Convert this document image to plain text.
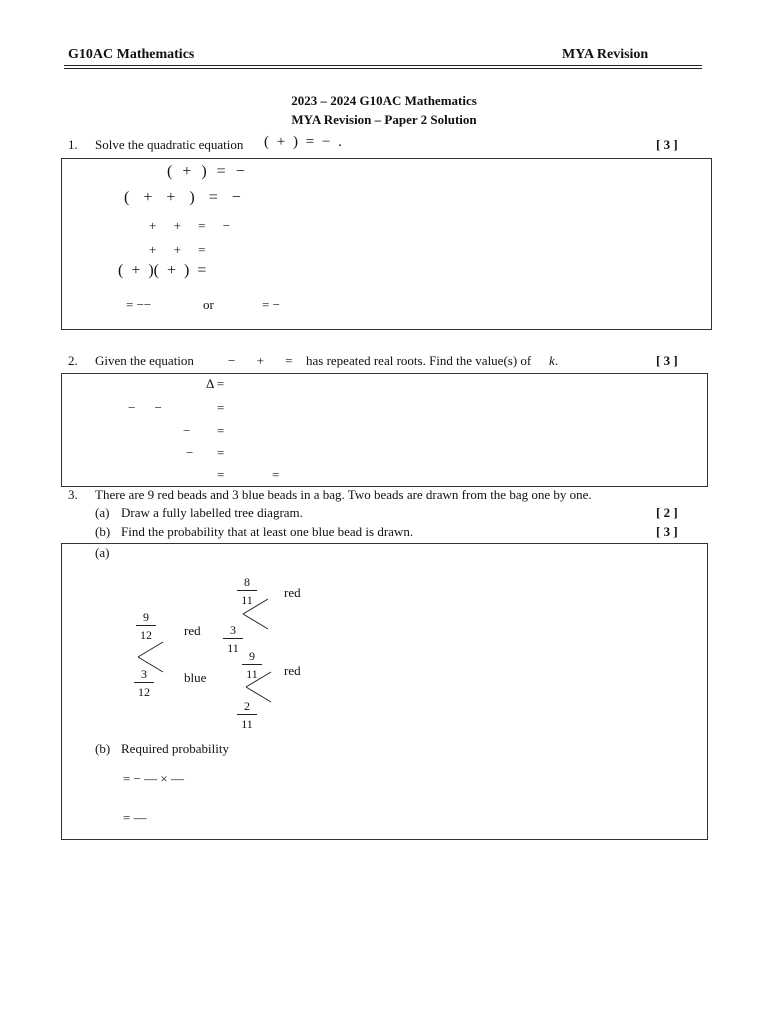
G10AC Mathematics	MYA Revision
2023 – 2024 G10AC Mathematics
MYA Revision – Paper 2 Solution
1. Solve the quadratic equation ( + ) = − .	[ 3 ]
( + ) = −
( + + ) = −
+ + = −
+ + =
( + )( + ) =
= −−	or	= −
2. Given the equation	− + = has repeated real roots. Find the value(s) of k .	[ 3 ]
Δ =
− −	=
− =
− =
=	=
3. There are 9 red beads and 3 blue beads in a bag. Two beads are drawn from the bag one by one.
(a) Draw a fully labelled tree diagram.	[ 2 ]
(b) Find the probability that at least one blue bead is drawn.	[ 3 ]
(a)
$\frac{9}{12}$ red
$\frac{3}{12}$ blue
$\frac{8}{11}$ red
$\frac{3}{11}$
$\frac{9}{11}$ red
$\frac{2}{11}$
(b) Required probability
= − — × —
= —
